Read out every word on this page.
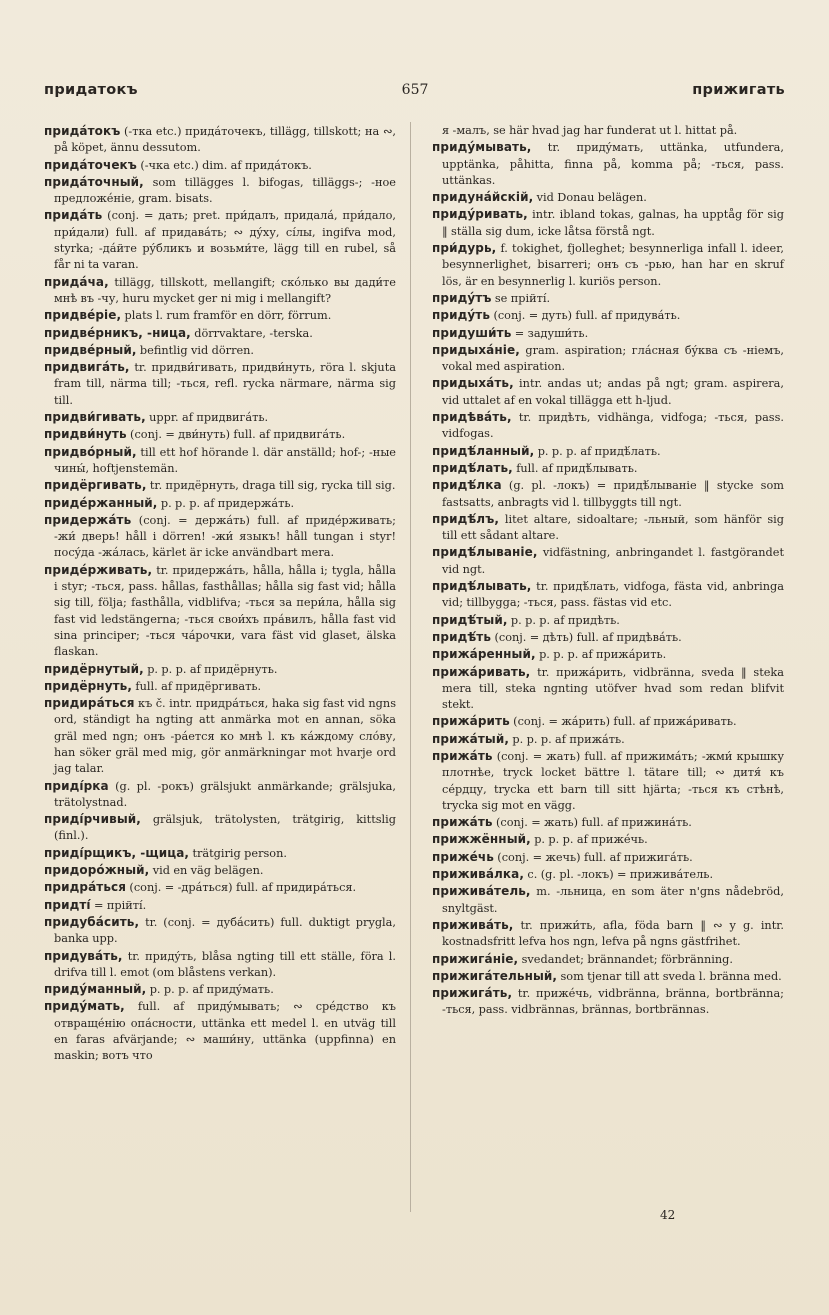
придатокъ	657	прижигать

придáтокъ (-тка etc.) придáточекъ, tillägg, tillskott; на ∾, på köpet, ännu dessutom.

придáточекъ (-чка etc.) dim. af придáтокъ.

придáточный, som tillägges l. bifogas, tilläggs-; -ное предложéніе, gram. bisats.

придáть (conj. = дать; pret. при́далъ, придалá, при́дало, при́дали) full. af придавáть; ∾ дýху, сíлы, ingifva mod, styrka; -дáйте рýбликъ и возьми́те, lägg till en rubel, så får ni ta varan.

придáча, tillägg, tillskott, mellangift; скóлько вы дади́те мнѣ въ -чу, huru mycket ger ni mig i mellangift?

придвéріе, plats l. rum framför en dörr, förrum.

придвéрникъ, -ница, dörrvaktare, -terska.

придвéрный, befintlig vid dörren.

придвигáть, tr. придви́гивать, придви́нуть, röra l. skjuta fram till, närma till; -ться, refl. rycka närmare, närma sig till.

придви́гивать, uppr. af придвигáть.

придви́нуть (conj. = дви́нуть) full. af придвигáть.

придвóрный, till ett hof hörande l. där anställd; hof-; -ные чины́, hoftjenstemän.

придёргивать, tr. придёрнуть, draga till sig, rycka till sig.

придéржанный, p. p. p. af придержáть.

придержáть (conj. = держáть) full. af придéрживать; -жи́ дверь! håll i dörren! -жи́ языкъ! håll tungan i styr! посýда -жáлась, kärlet är icke användbart mera.

придéрживать, tr. придержáть, hålla, hålla i; tygla, hålla i styr; -ться, pass. hållas, fasthållas; hålla sig fast vid; hålla sig till, följa; fasthålla, vidblifva; -ться за пери́ла, hålla sig fast vid ledstängerna; -ться свои́хъ прáвилъ, hålla fast vid sina principer; -ться чáрочки, vara fäst vid glaset, älska flaskan.

придёрнутый, p. p. p. af придёрнуть.

придёрнуть, full. af придёргивать.

придирáться къ č. intr. придрáться, haka sig fast vid ngns ord, ständigt ha ngting att anmärka mot en annan, söka gräl med ngn; онъ -рáется ко мнѣ l. къ кáждому слóву, han söker gräl med mig, gör anmärkningar mot hvarje ord jag talar.

придíрка (g. pl. -рокъ) grälsjukt anmärkande; grälsjuka, trätolystnad.

придíрчивый, grälsjuk, trätolysten, trätgirig, kittslig (finl.).

придíрщикъ, -щица, trätgirig person.

придорóжный, vid en väg belägen.

придрáться (conj. = -дрáться) full. af придирáться.

придтí = прійтí.

придубáсить, tr. (conj. = дубáсить) full. duktigt prygla, banka upp.

придувáть, tr. придýть, blåsa ngting till ett ställe, föra l. drifva till l. emot (om blåstens verkan).

придýманный, p. p. p. af придýмать.

придýмать, full. af придýмывать; ∾ срéдство къ отвращéнію опáсности, uttänka ett medel l. en utväg till en faras afvärjande; ∾ маши́ну, uttänka (uppfinna) en maskin; вотъ что

я -малъ, se här hvad jag har funderat ut l. hittat på.

придýмывать, tr. придýмать, uttänka, utfundera, upptänka, påhitta, finna på, komma på; -ться, pass. uttänkas.

придунáйскій, vid Donau belägen.

придýривать, intr. ibland tokas, galnas, ha upptåg för sig ‖ ställa sig dum, icke låtsa förstå ngt.

при́дурь, f. tokighet, fjolleghet; besynnerliga infall l. ideer, besynnerlighet, bisarreri; онъ съ -рью, han har en skruf lös, är en besynnerlig l. kuriös person.

придýтъ se прійтí.

придýть (conj. = дуть) full. af придувáть.

придуши́ть = задуши́ть.

придыхáніе, gram. aspiration; глáсная бýква съ -ніемъ, vokal med aspiration.

придыхáть, intr. andas ut; andas på ngt; gram. aspirera, vid uttalet af en vokal tillägga ett h-ljud.

придѣвáть, tr. придѣть, vidhänga, vidfoga; -ться, pass. vidfogas.

придѣ́ланный, p. p. p. af придѣ́лать.

придѣ́лать, full. af придѣ́лывать.

придѣ́лка (g. pl. -локъ) = придѣ́лываніе ‖ stycke som fastsatts, anbragts vid l. tillbyggts till ngt.

придѣ́лъ, litet altare, sidoaltare; -льный, som hänför sig till ett sådant altare.

придѣ́лываніе, vidfästning, anbringandet l. fastgörandet vid ngt.

придѣ́лывать, tr. придѣ́лать, vidfoga, fästa vid, anbringa vid; tillbygga; -ться, pass. fästas vid etc.

придѣ́тый, p. p. p. af придѣть.

придѣ́ть (conj. = дѣть) full. af придѣвáть.

прижáренный, p. p. p. af прижáрить.

прижáривать, tr. прижáрить, vidbränna, sveda ‖ steka mera till, steka ngnting utöfver hvad som redan blifvit stekt.

прижáрить (conj. = жáрить) full. af прижáривать.

прижáтый, p. p. p. af прижáть.

прижáть (conj. = жать) full. af прижимáть; -жми́ крышку плотнѣе, tryck locket bättre l. tätare till; ∾ дитя́ къ сéрдцу, trycka ett barn till sitt hjärta; -ться къ стѣнѣ, trycka sig mot en vägg.

прижáть (conj. = жать) full. af прижинáть.

прижжённый, p. p. p. af прижéчь.

прижéчь (conj. = жечь) full. af прижигáть.

приживáлка, c. (g. pl. -локъ) = приживáтель.

приживáтель, m. -льница, en som äter n'gns nådebröd, snyltgäst.

приживáть, tr. прижи́ть, afla, föda barn ‖ ∾ y g. intr. kostnadsfritt lefva hos ngn, lefva på ngns gästfrihet.

прижигáніе, svedandet; brännandet; förbränning.

прижигáтельный, som tjenar till att sveda l. bränna med.

прижигáть, tr. прижéчь, vidbränna, bränna, bortbränna; -ться, pass. vidbrännas, brännas, bortbrännas.

42
